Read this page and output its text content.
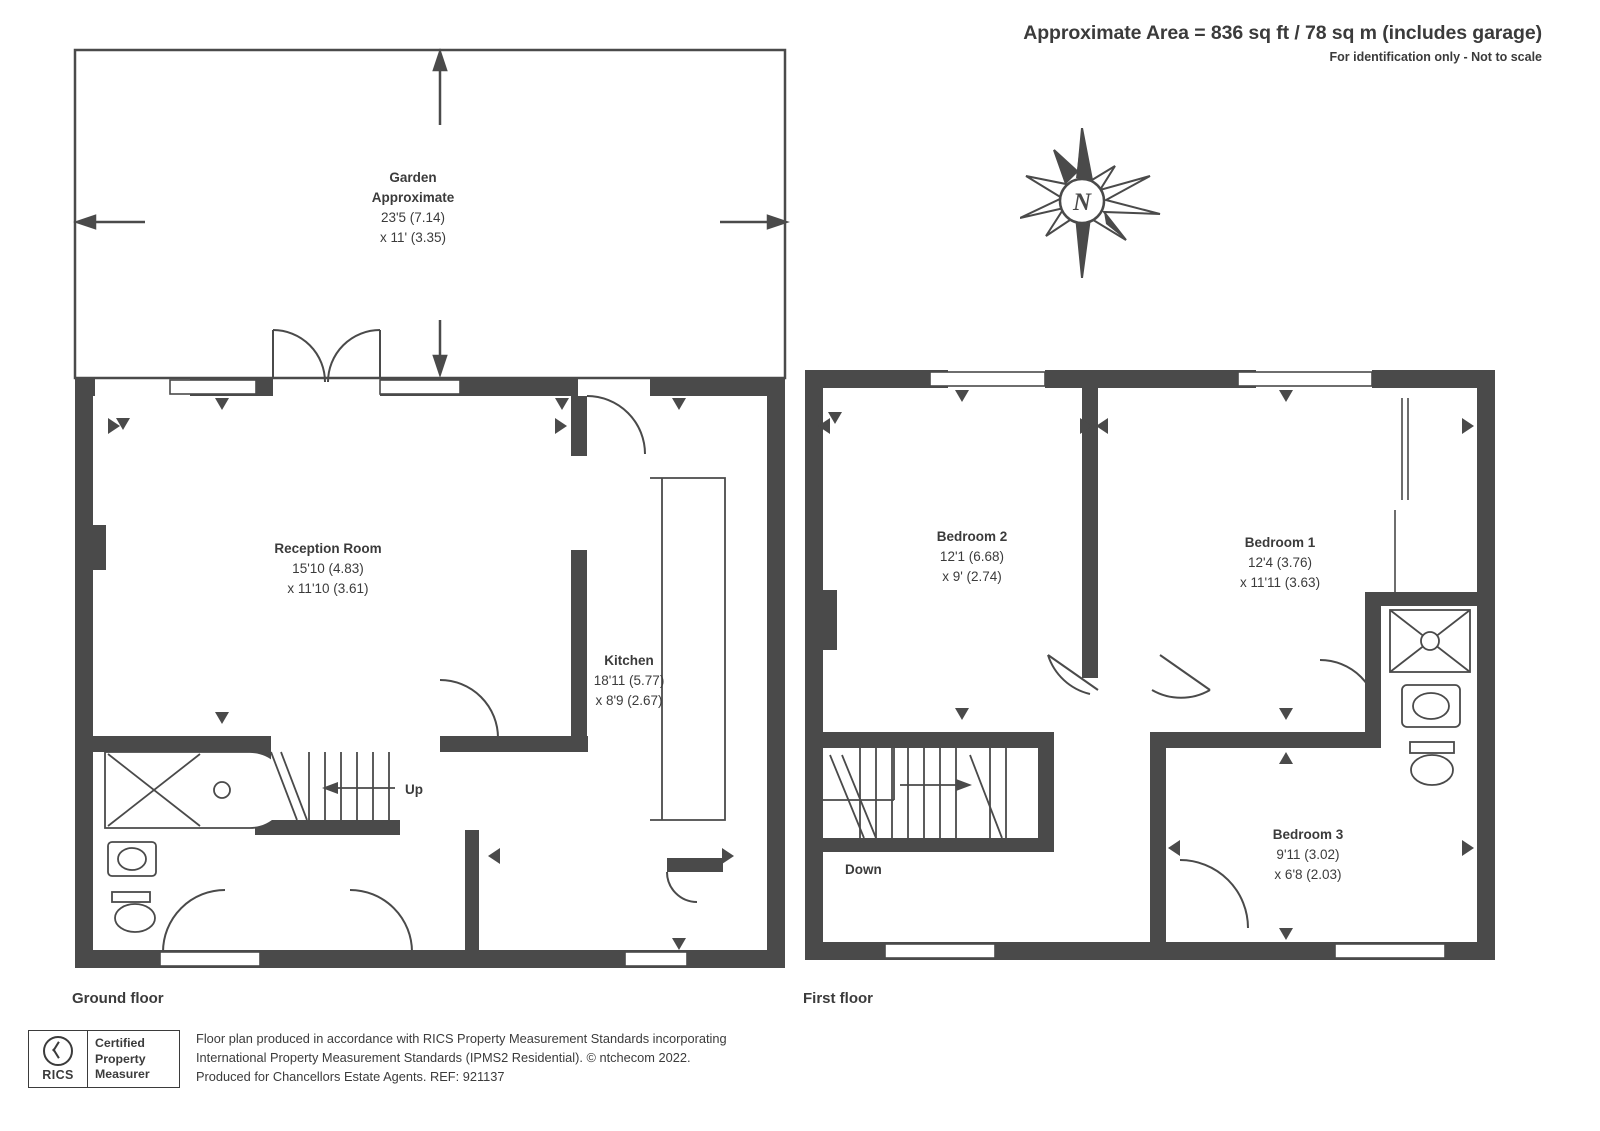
Approximate Area = 836 sq ft / 78 sq m (includes garage)
For identification only - Not to scale
N
Garden
Approximate
23'5 (7.14)
x 11' (3.35)
Reception Room
15'10 (4.83)
x 11'10 (3.61)
Kitchen
18'11 (5.77)
x 8'9 (2.67)
Up
Ground floor
Bedroom 2
12'1 (6.68)
x 9' (2.74)
Bedroom 1
12'4 (3.76)
x 11'11 (3.63)
Bedroom 3
9'11 (3.02)
x 6'8 (2.03)
Down
First floor
RICS
Certified
Property
Measurer
Floor plan produced in accordance with RICS Property Measurement Standards incorporating
International Property Measurement Standards (IPMS2 Residential). © ntchecom 2022.
Produced for Chancellors Estate Agents. REF: 921137
